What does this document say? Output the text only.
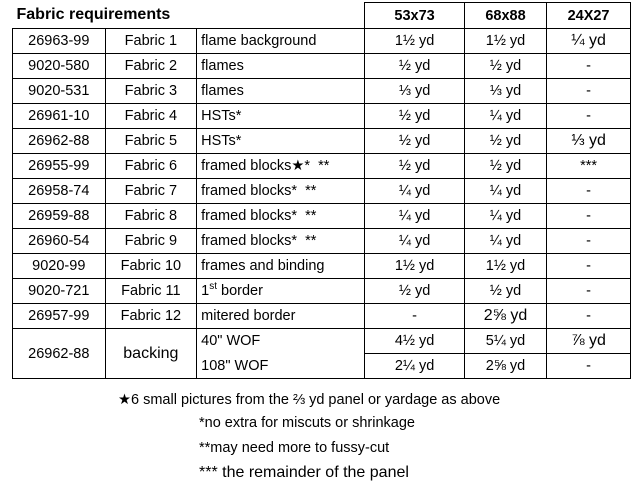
Fabric requirements			53x73	68x88	24X27
26963-99	Fabric 1	flame background	1½ yd	1½ yd	¼ yd
9020-580	Fabric 2	flames	½ yd	½ yd	-
9020-531	Fabric 3	flames	⅓ yd	⅓ yd	-
26961-10	Fabric 4	HSTs*	½ yd	¼ yd	-
26962-88	Fabric 5	HSTs*	½ yd	½ yd	⅓ yd
26955-99	Fabric 6	framed blocks★*  **	½ yd	½ yd	***
26958-74	Fabric 7	framed blocks*  **	¼ yd	¼ yd	-
26959-88	Fabric 8	framed blocks*  **	¼ yd	¼ yd	-
26960-54	Fabric 9	framed blocks*  **	¼ yd	¼ yd	-
9020-99	Fabric 10	frames and binding	1½ yd	1½ yd	-
9020-721	Fabric 11	1st border	½ yd	½ yd	-
26957-99	Fabric 12	mitered border	-	2⅝ yd	-
26962-88	backing	40" WOF	4½ yd	5¼ yd	⅞ yd
		108" WOF	2¼ yd	2⅝ yd	-
★6 small pictures from the ⅔ yd panel or yardage as above
*no extra for miscuts or shrinkage
**may need more to fussy-cut
*** the remainder of the panel
